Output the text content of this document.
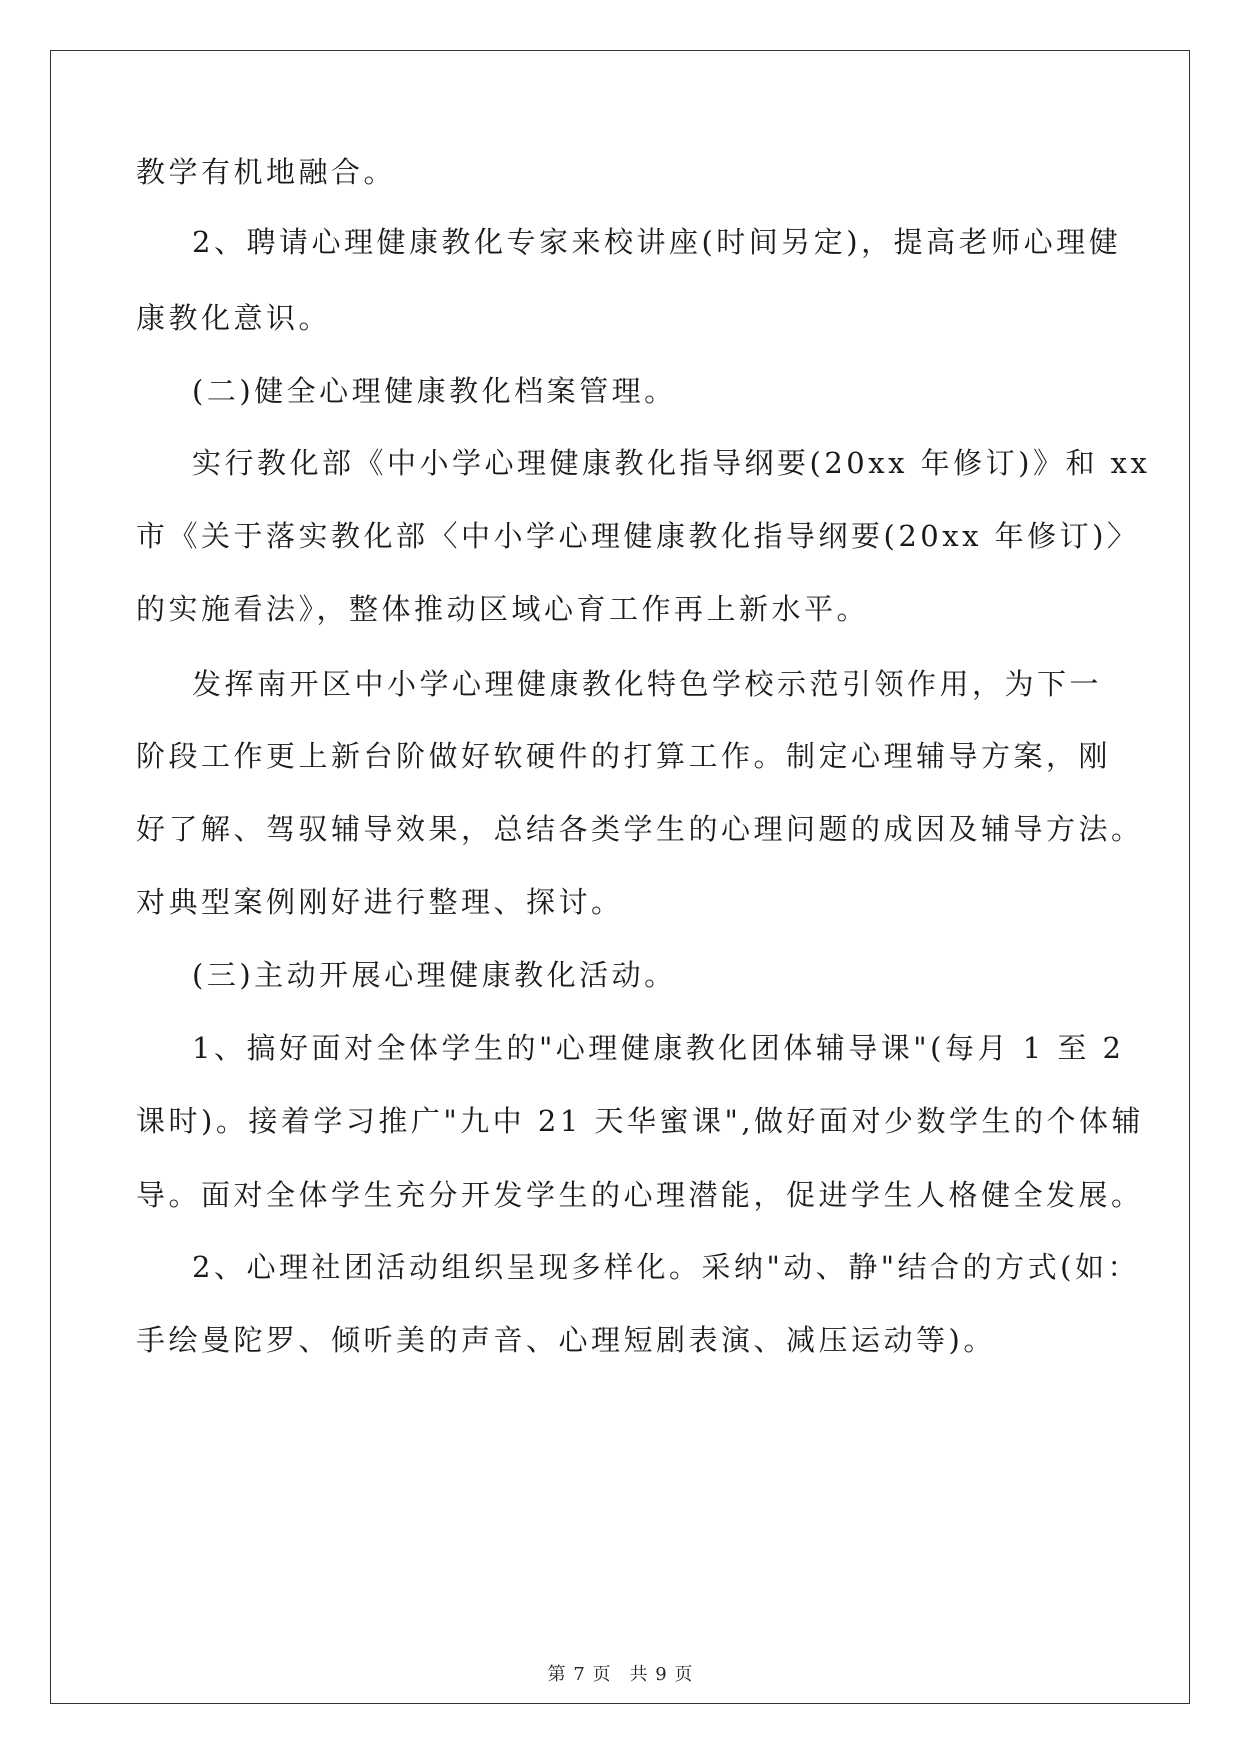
教学有机地融合。
2、聘请心理健康教化专家来校讲座(时间另定)，提高老师心理健
康教化意识。
(二)健全心理健康教化档案管理。
实行教化部《中小学心理健康教化指导纲要(20xx 年修订)》和 xx
市《关于落实教化部〈中小学心理健康教化指导纲要(20xx 年修订)〉
的实施看法》，整体推动区域心育工作再上新水平。
发挥南开区中小学心理健康教化特色学校示范引领作用，为下一
阶段工作更上新台阶做好软硬件的打算工作。制定心理辅导方案，刚
好了解、驾驭辅导效果，总结各类学生的心理问题的成因及辅导方法。
对典型案例刚好进行整理、探讨。
(三)主动开展心理健康教化活动。
1、搞好面对全体学生的"心理健康教化团体辅导课"(每月 1 至 2
课时)。接着学习推广"九中 21 天华蜜课",做好面对少数学生的个体辅
导。面对全体学生充分开发学生的心理潜能，促进学生人格健全发展。
2、心理社团活动组织呈现多样化。采纳"动、静"结合的方式(如：
手绘曼陀罗、倾听美的声音、心理短剧表演、减压运动等)。
第 7 页 共 9 页
